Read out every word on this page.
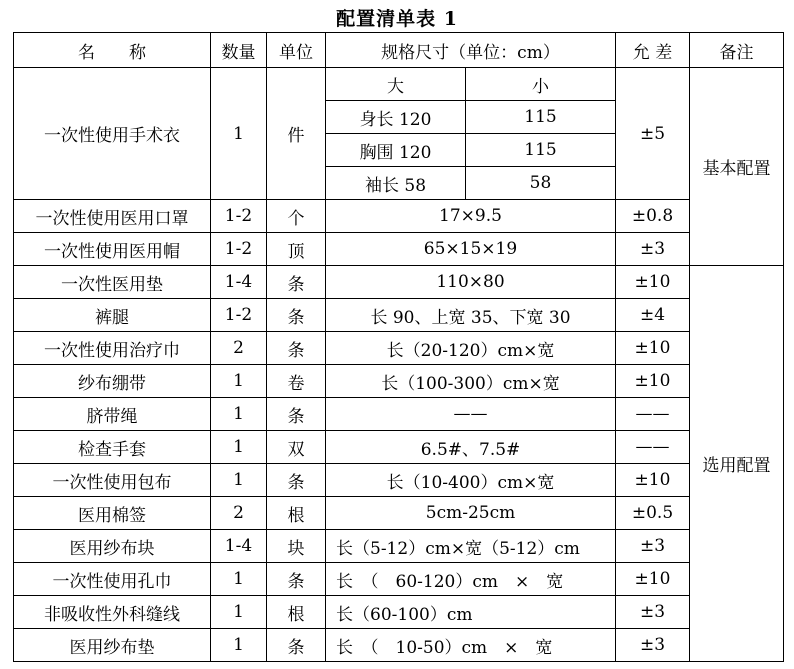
配置清单表 1
名　　称	数量	单位	规格尺寸（单位：cm）		允 差	备注
一次性使用手术衣	1	件	大	小	±5	基本配置
			身长 120	115		
			胸围 120	115		
			袖长 58	58		
一次性使用医用口罩	1-2	个	17×9.5		±0.8	
一次性使用医用帽	1-2	顶	65×15×19		±3	
一次性医用垫	1-4	条	110×80		±10	选用配置
裤腿	1-2	条	长 90、上宽 35、下宽 30		±4	
一次性使用治疗巾	2	条	长（20-120）cm×宽		±10	
纱布绷带	1	卷	长（100-300）cm×宽		±10	
脐带绳	1	条	——		——	
检查手套	1	双	6.5#、7.5#		——	
一次性使用包布	1	条	长（10-400）cm×宽		±10	
医用棉签	2	根	5cm-25cm		±0.5	
医用纱布块	1-4	块	长（5-12）cm×宽（5-12）cm		±3	
一次性使用孔巾	1	条	长　（　60-120）cm　×　宽		±10	
非吸收性外科缝线	1	根	长（60-100）cm		±3	
医用纱布垫	1	条	长　（　10-50）cm　×　宽		±3	
